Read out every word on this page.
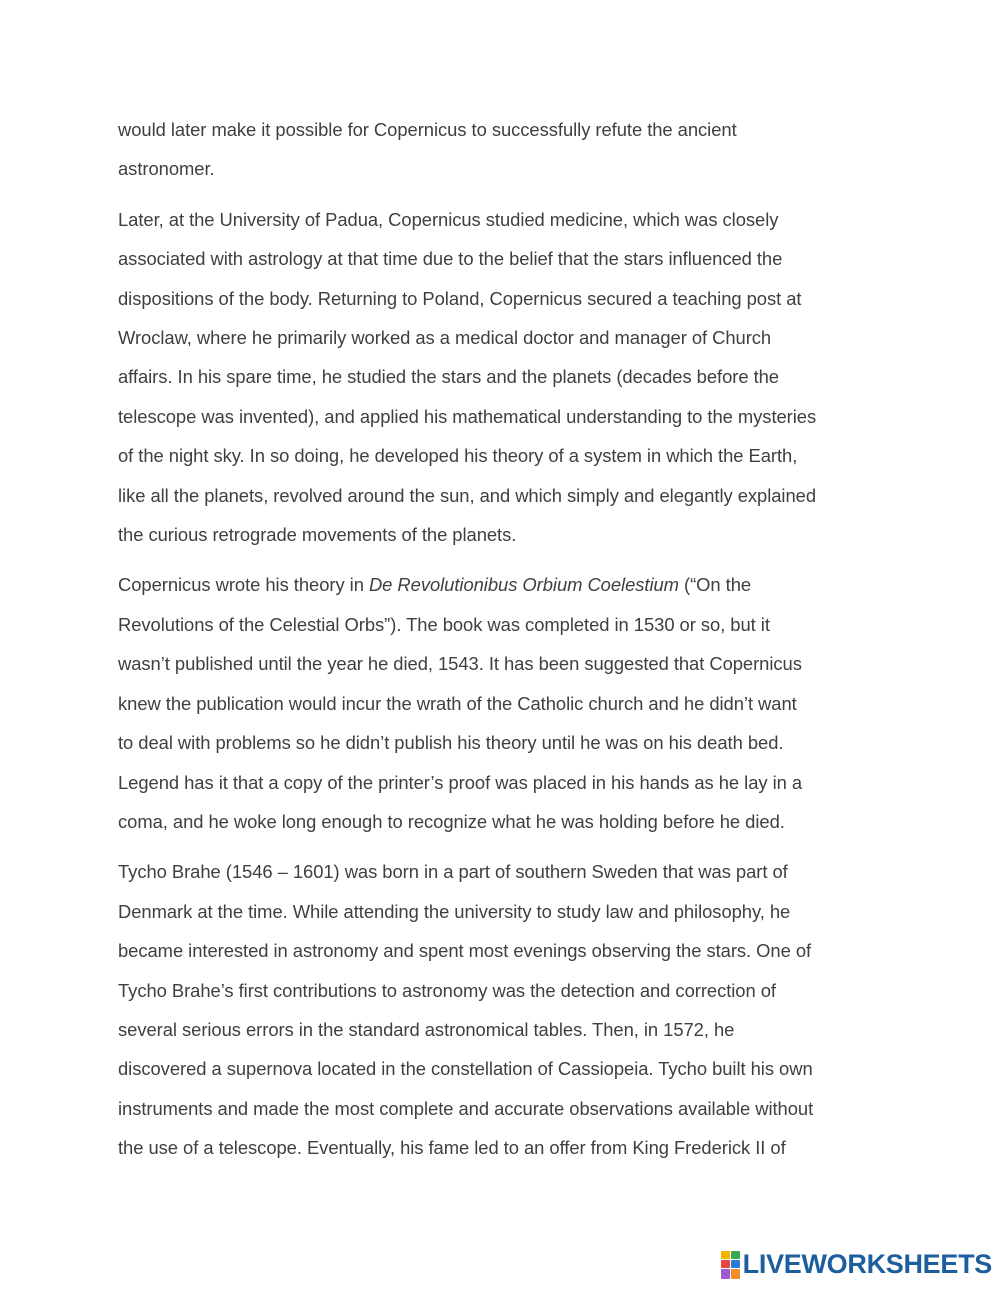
would later make it possible for Copernicus to successfully refute the ancient
astronomer.

Later, at the University of Padua, Copernicus studied medicine, which was closely
associated with astrology at that time due to the belief that the stars influenced the
dispositions of the body. Returning to Poland, Copernicus secured a teaching post at
Wroclaw, where he primarily worked as a medical doctor and manager of Church
affairs. In his spare time, he studied the stars and the planets (decades before the
telescope was invented), and applied his mathematical understanding to the mysteries
of the night sky. In so doing, he developed his theory of a system in which the Earth,
like all the planets, revolved around the sun, and which simply and elegantly explained
the curious retrograde movements of the planets.

Copernicus wrote his theory in De Revolutionibus Orbium Coelestium (“On the
Revolutions of the Celestial Orbs”). The book was completed in 1530 or so, but it
wasn’t published until the year he died, 1543. It has been suggested that Copernicus
knew the publication would incur the wrath of the Catholic church and he didn’t want
to deal with problems so he didn’t publish his theory until he was on his death bed.
Legend has it that a copy of the printer’s proof was placed in his hands as he lay in a
coma, and he woke long enough to recognize what he was holding before he died.

Tycho Brahe (1546 – 1601) was born in a part of southern Sweden that was part of
Denmark at the time. While attending the university to study law and philosophy, he
became interested in astronomy and spent most evenings observing the stars. One of
Tycho Brahe’s first contributions to astronomy was the detection and correction of
several serious errors in the standard astronomical tables. Then, in 1572, he
discovered a supernova located in the constellation of Cassiopeia. Tycho built his own
instruments and made the most complete and accurate observations available without
the use of a telescope. Eventually, his fame led to an offer from King Frederick II of

LIVEWORKSHEETS
